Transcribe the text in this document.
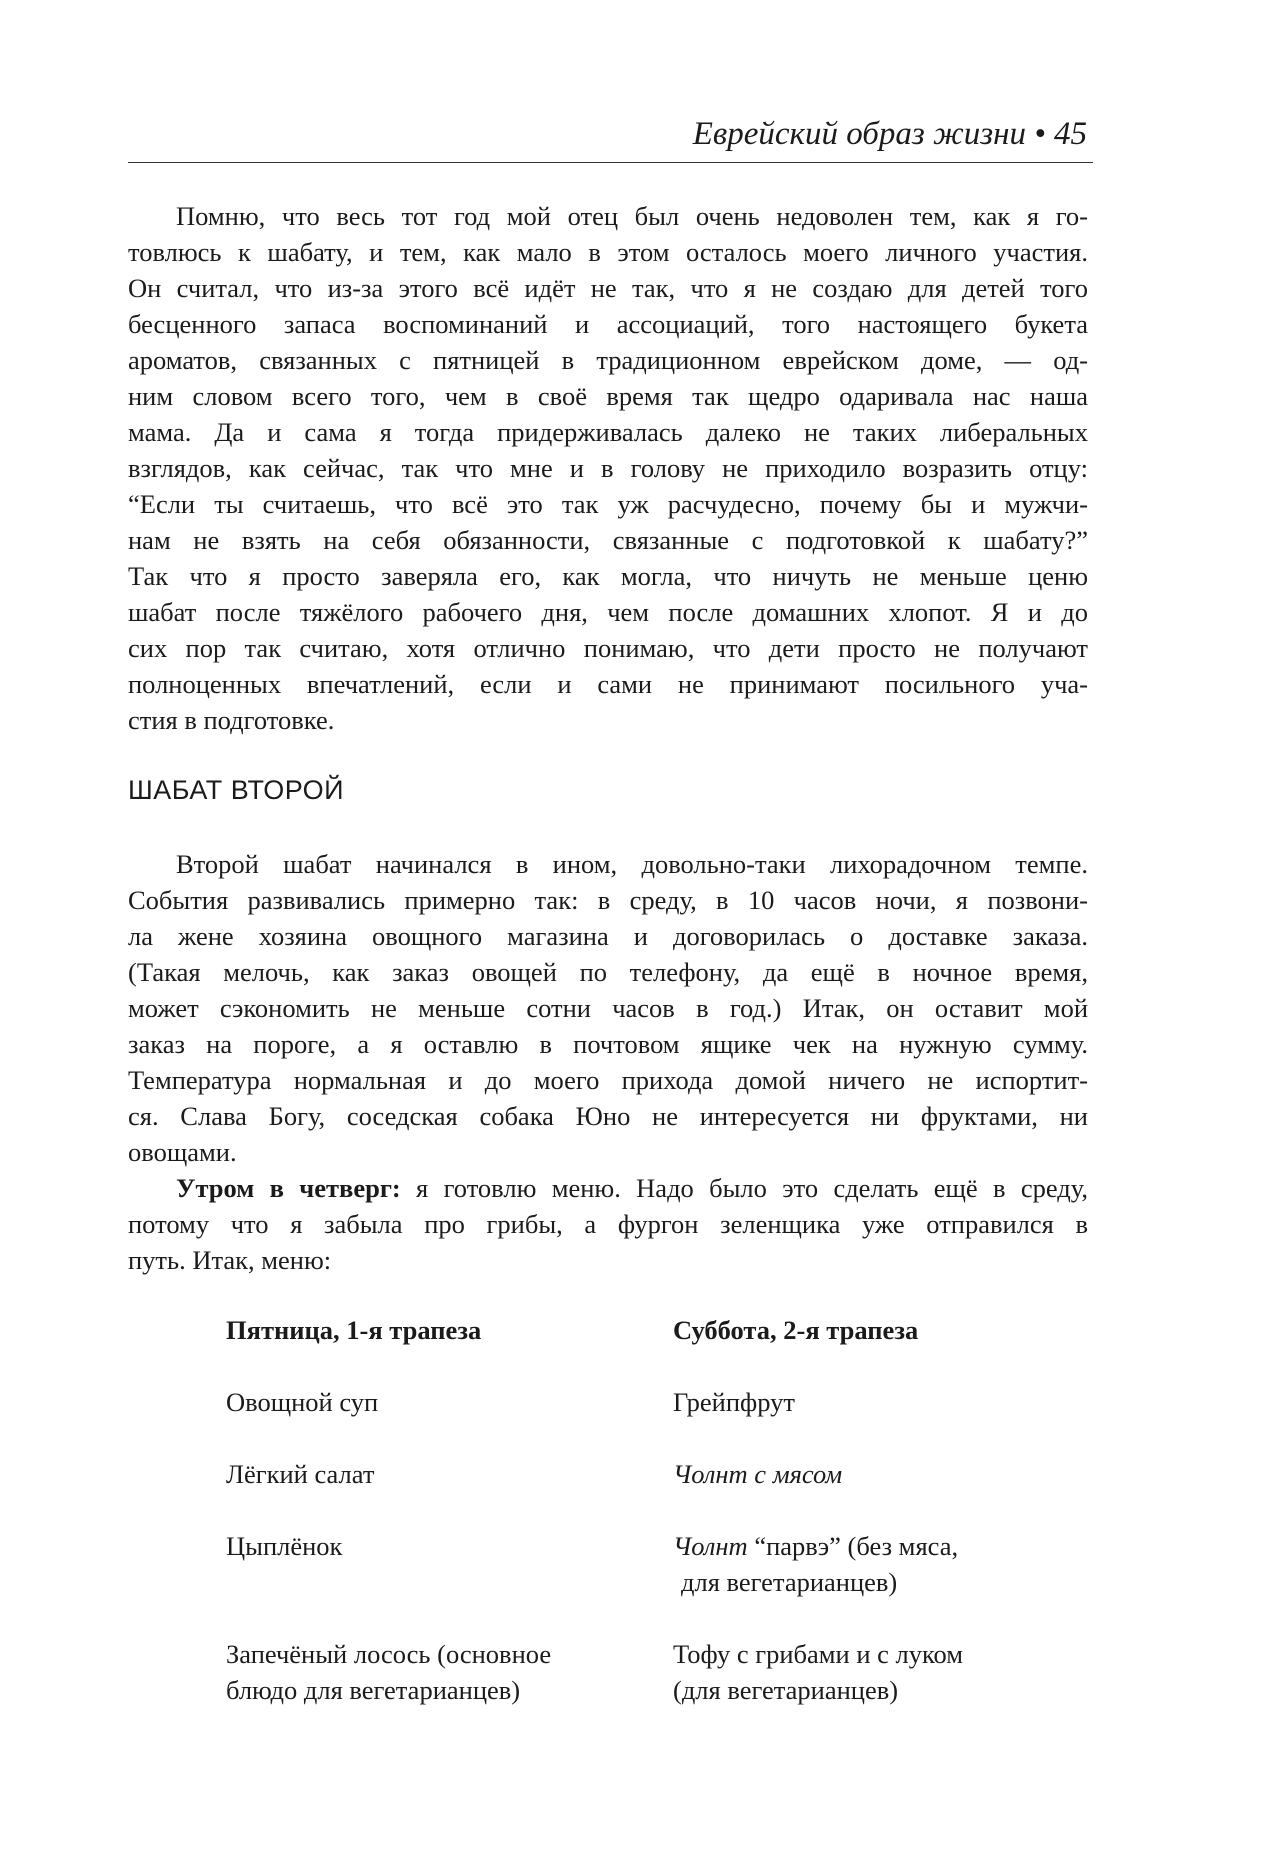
Еврейский образ жизни • 45
Помню, что весь тот год мой отец был очень недоволен тем, как я го-
товлюсь к шабату, и тем, как мало в этом осталось моего личного участия.
Он считал, что из-за этого всё идёт не так, что я не создаю для детей того
бесценного запаса воспоминаний и ассоциаций, того настоящего букета
ароматов, связанных с пятницей в традиционном еврейском доме, — од-
ним словом всего того, чем в своё время так щедро одаривала нас наша
мама. Да и сама я тогда придерживалась далеко не таких либеральных
взглядов, как сейчас, так что мне и в голову не приходило возразить отцу:
“Если ты считаешь, что всё это так уж расчудесно, почему бы и мужчи-
нам не взять на себя обязанности, связанные с подготовкой к шабату?”
Так что я просто заверяла его, как могла, что ничуть не меньше ценю
шабат после тяжёлого рабочего дня, чем после домашних хлопот. Я и до
сих пор так считаю, хотя отлично понимаю, что дети просто не получают
полноценных впечатлений, если и сами не принимают посильного уча-
стия в подготовке.
ШАБАТ ВТОРОЙ
Второй шабат начинался в ином, довольно-таки лихорадочном темпе.
События развивались примерно так: в среду, в 10 часов ночи, я позвони-
ла жене хозяина овощного магазина и договорилась о доставке заказа.
(Такая мелочь, как заказ овощей по телефону, да ещё в ночное время,
может сэкономить не меньше сотни часов в год.) Итак, он оставит мой
заказ на пороге, а я оставлю в почтовом ящике чек на нужную сумму.
Температура нормальная и до моего прихода домой ничего не испортит-
ся. Слава Богу, соседская собака Юно не интересуется ни фруктами, ни
овощами.
Утром в четверг: я готовлю меню. Надо было это сделать ещё в среду,
потому что я забыла про грибы, а фургон зеленщика уже отправился в
путь. Итак, меню:
Пятница, 1-я трапеза
Овощной суп
Лёгкий салат
Цыплёнок
Запечёный лосось (основное
блюдо для вегетарианцев)
Суббота, 2-я трапеза
Грейпфрут
Чолнт с мясом
Чолнт “парвэ” (без мяса,
для вегетарианцев)
Тофу с грибами и с луком
(для вегетарианцев)
